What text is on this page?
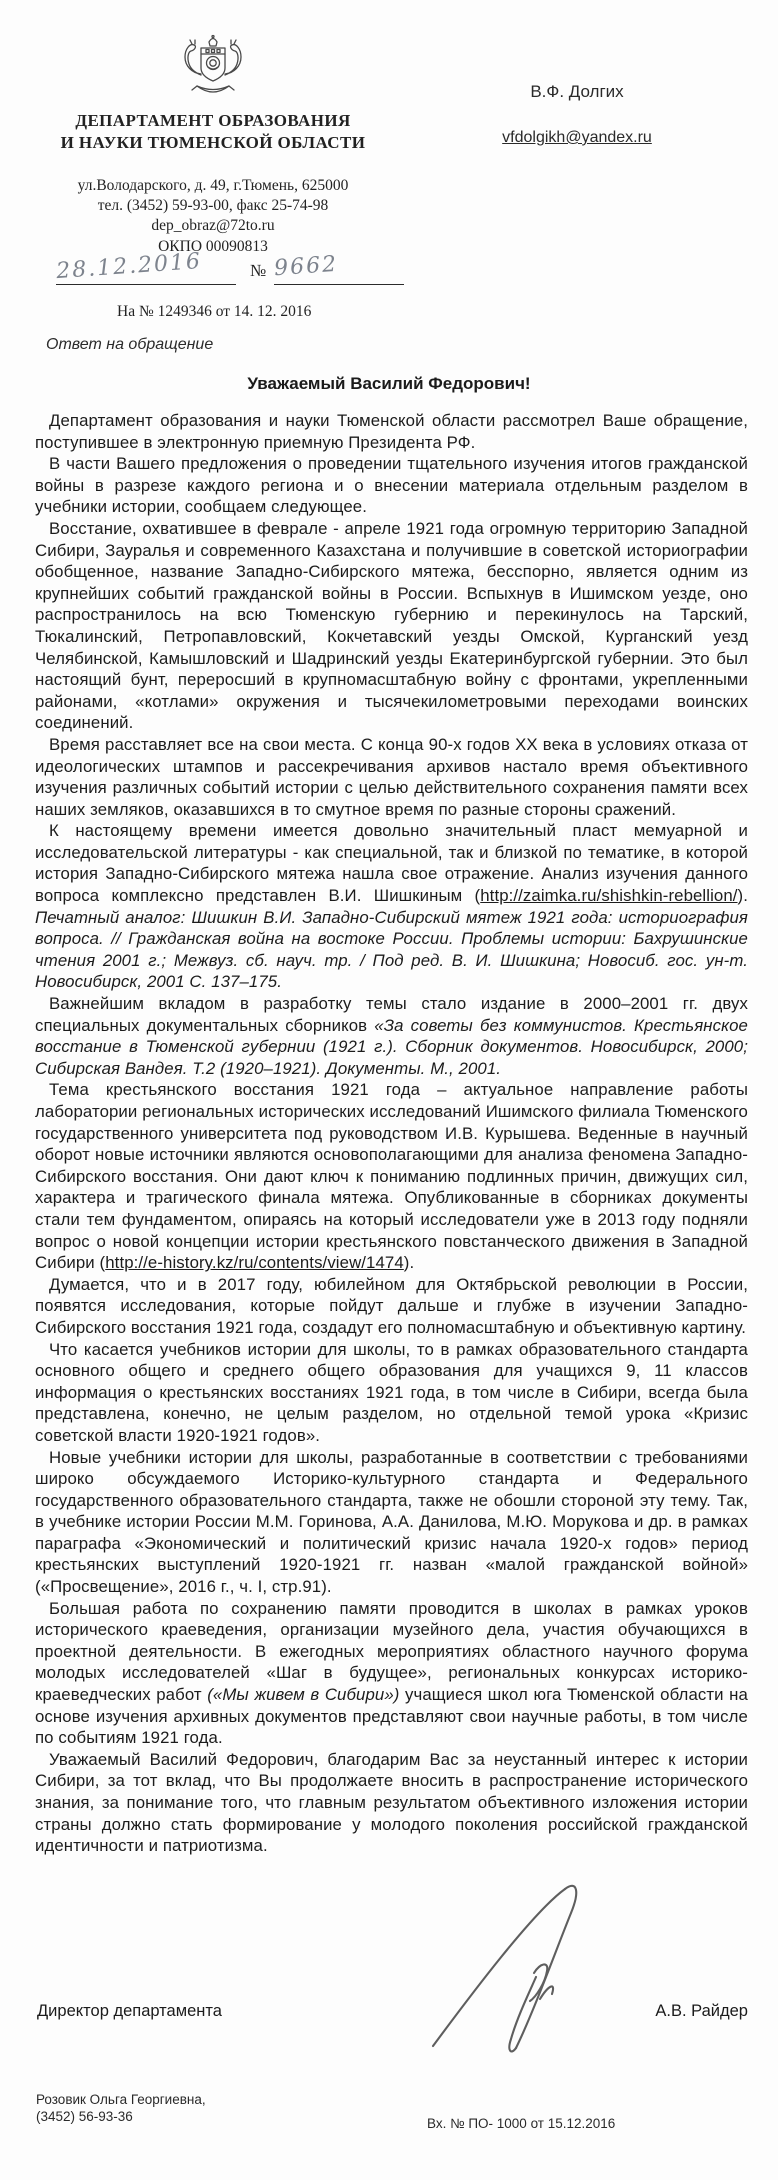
ДЕПАРТАМЕНТ ОБРАЗОВАНИЯ
И НАУКИ ТЮМЕНСКОЙ ОБЛАСТИ
ул.Володарского, д. 49, г.Тюмень, 625000
тел. (3452) 59-93-00, факс 25-74-98
dep_obraz@72to.ru
ОКПО 00090813
В.Ф. Долгих
vfdolgikh@yandex.ru
28.12.2016	№ 9662
На № 1249346 от 14. 12. 2016
Ответ на обращение
Уважаемый Василий Федорович!

Департамент образования и науки Тюменской области рассмотрел Ваше обращение, поступившее в электронную приемную Президента РФ.

В части Вашего предложения о проведении тщательного изучения итогов гражданской войны в разрезе каждого региона и о внесении материала отдельным разделом в учебники истории, сообщаем следующее.

Восстание, охватившее в феврале - апреле 1921 года огромную территорию Западной Сибири, Зауралья и современного Казахстана и получившие в советской историографии обобщенное, название Западно-Сибирского мятежа, бесспорно, является одним из крупнейших событий гражданской войны в России. Вспыхнув в Ишимском уезде, оно распространилось на всю Тюменскую губернию и перекинулось на Тарский, Тюкалинский, Петропавловский, Кокчетавский уезды Омской, Курганский уезд Челябинской, Камышловский и Шадринский уезды Екатеринбургской губернии. Это был настоящий бунт, переросший в крупномасштабную войну с фронтами, укрепленными районами, «котлами» окружения и тысячекилометровыми переходами воинских соединений.

Время расставляет все на свои места. С конца 90-х годов XX века в условиях отказа от идеологических штампов и рассекречивания архивов настало время объективного изучения различных событий истории с целью действительного сохранения памяти всех наших земляков, оказавшихся в то смутное время по разные стороны сражений.

К настоящему времени имеется довольно значительный пласт мемуарной и исследовательской литературы - как специальной, так и близкой по тематике, в которой история Западно-Сибирского мятежа нашла свое отражение. Анализ изучения данного вопроса комплексно представлен В.И. Шишкиным (http://zaimka.ru/shishkin-rebellion/). Печатный аналог: Шишкин В.И. Западно-Сибирский мятеж 1921 года: историография вопроса. // Гражданская война на востоке России. Проблемы истории: Бахрушинские чтения 2001 г.; Межвуз. сб. науч. тр. / Под ред. В. И. Шишкина; Новосиб. гос. ун-т. Новосибирск, 2001 С. 137–175.

Важнейшим вкладом в разработку темы стало издание в 2000–2001 гг. двух специальных документальных сборников «За советы без коммунистов. Крестьянское восстание в Тюменской губернии (1921 г.). Сборник документов. Новосибирск, 2000; Сибирская Вандея. Т.2 (1920–1921). Документы. М., 2001.

Тема крестьянского восстания 1921 года – актуальное направление работы лаборатории региональных исторических исследований Ишимского филиала Тюменского государственного университета под руководством И.В. Курышева. Веденные в научный оборот новые источники являются основополагающими для анализа феномена Западно-Сибирского восстания. Они дают ключ к пониманию подлинных причин, движущих сил, характера и трагического финала мятежа. Опубликованные в сборниках документы стали тем фундаментом, опираясь на который исследователи уже в 2013 году подняли вопрос о новой концепции истории крестьянского повстанческого движения в Западной Сибири (http://e-history.kz/ru/contents/view/1474).

Думается, что и в 2017 году, юбилейном для Октябрьской революции в России, появятся исследования, которые пойдут дальше и глубже в изучении Западно-Сибирского восстания 1921 года, создадут его полномасштабную и объективную картину.

Что касается учебников истории для школы, то в рамках образовательного стандарта основного общего и среднего общего образования для учащихся 9, 11 классов информация о крестьянских восстаниях 1921 года, в том числе в Сибири, всегда была представлена, конечно, не целым разделом, но отдельной темой урока «Кризис советской власти 1920-1921 годов».

Новые учебники истории для школы, разработанные в соответствии с требованиями широко обсуждаемого Историко-культурного стандарта и Федерального государственного образовательного стандарта, также не обошли стороной эту тему. Так, в учебнике истории России М.М. Горинова, А.А. Данилова, М.Ю. Морукова и др. в рамках параграфа «Экономический и политический кризис начала 1920-х годов» период крестьянских выступлений 1920-1921 гг. назван «малой гражданской войной» («Просвещение», 2016 г., ч. I, стр.91).

Большая работа по сохранению памяти проводится в школах в рамках уроков исторического краеведения, организации музейного дела, участия обучающихся в проектной деятельности. В ежегодных мероприятиях областного научного форума молодых исследователей «Шаг в будущее», региональных конкурсах историко-краеведческих работ («Мы живем в Сибири») учащиеся школ юга Тюменской области на основе изучения архивных документов представляют свои научные работы, в том числе по событиям 1921 года.

Уважаемый Василий Федорович, благодарим Вас за неустанный интерес к истории Сибири, за тот вклад, что Вы продолжаете вносить в распространение исторического знания, за понимание того, что главным результатом объективного изложения истории страны должно стать формирование у молодого поколения российской гражданской идентичности и патриотизма.

Директор департамента	А.В. Райдер
Розовик Ольга Георгиевна,
(3452) 56-93-36	Вх. № ПО- 1000 от 15.12.2016
